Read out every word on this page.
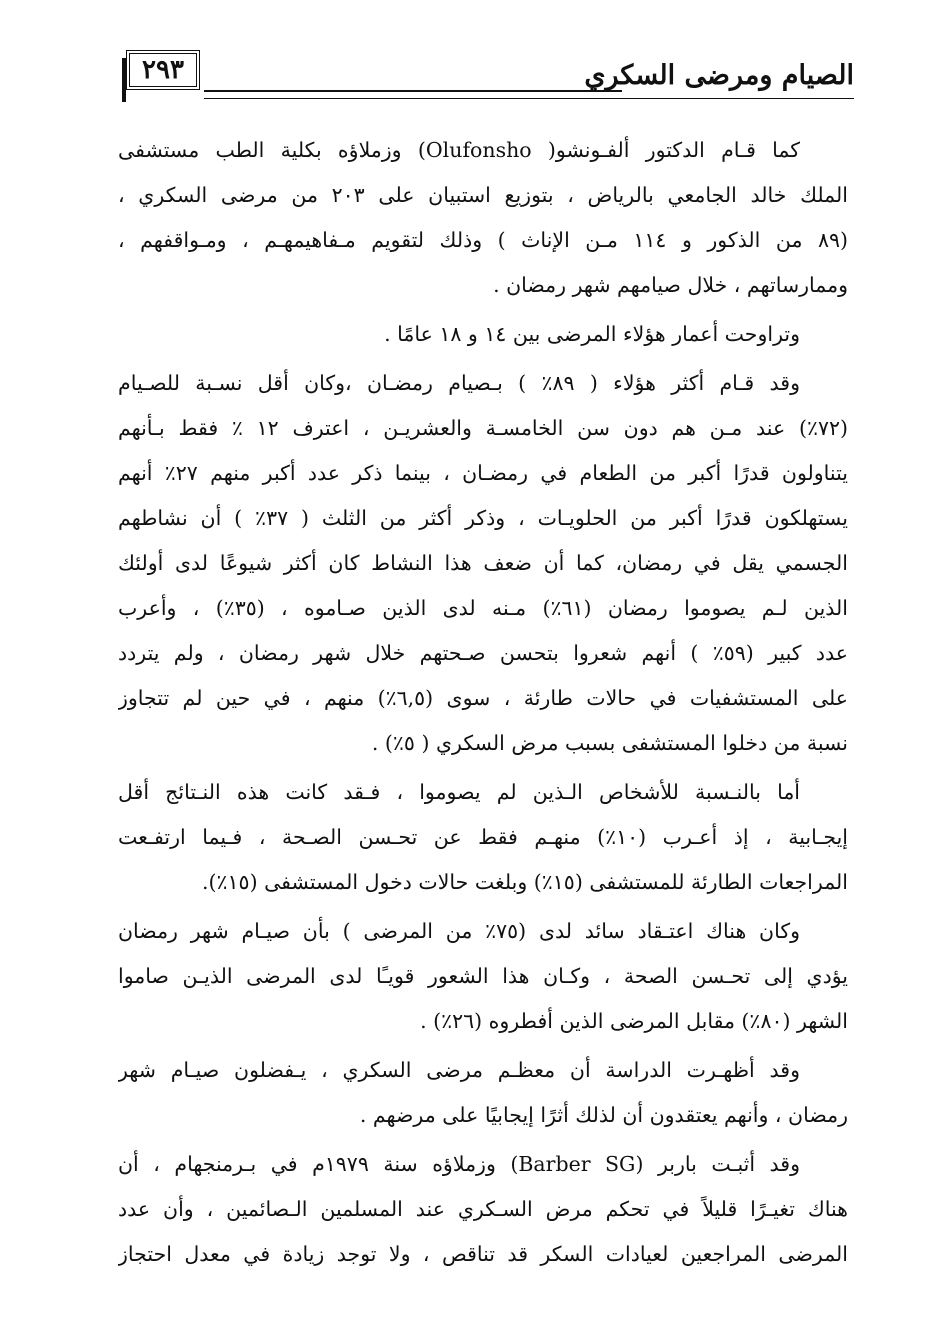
٢٩٣	الصيام ومرضى السكري
كما قـام الدكتور ألفـونشو( Olufonsho) وزملاؤه بكلية الطب مستشفى
الملك خالد الجامعي بالرياض ، بتوزيع استبيان على ٢٠٣ من مرضى السكري ،
(٨٩ من الذكور و ١١٤ مـن الإناث ) وذلك لتقويم مـفاهيمهـم ، ومـواقفهم ،
وممارساتهم ، خلال صيامهم شهر رمضان .
وتراوحت أعمار هؤلاء المرضى بين ١٤ و ١٨ عامًا .
وقد قـام أكثر هؤلاء ( ٨٩٪ ) بـصيام رمضـان ،وكان أقل نسـبة للصـيام
(٧٢٪) عند مـن هم دون سن الخامسـة والعشريـن ، اعترف ١٢ ٪ فقط بـأنهم
يتناولون قدرًا أكبر من الطعام في رمضـان ، بينما ذكر عدد أكبر منهم ٢٧٪ أنهم
يستهلكون قدرًا أكبر من الحلويـات ، وذكر أكثر من الثلث ( ٣٧٪ ) أن نشاطهم
الجسمي يقل في رمضان، كما أن ضعف هذا النشاط كان أكثر شيوعًا لدى أولئك
الذين لـم يصوموا رمضان (٦١٪) مـنه لدى الذين صـاموه ، (٣٥٪) ، وأعرب
عدد كبير (٥٩٪ ) أنهم شعروا بتحسن صـحتهم خلال شهر رمضان ، ولم يتردد
على المستشفيات في حالات طارئة ، سوى (٦,٥٪) منهم ، في حين لم تتجاوز
نسبة من دخلوا المستشفى بسبب مرض السكري ( ٥٪) .
أما بالنـسبة للأشخاص الـذين لم يصوموا ، فـقد كانت هذه النـتائج أقل
إيجـابية ، إذ أعـرب (١٠٪) منهـم فقط عن تحـسن الصـحة ، فـيما ارتفـعت
المراجعات الطارئة للمستشفى (١٥٪) وبلغت حالات دخول المستشفى (١٥٪).
وكان هناك اعتـقاد سائد لدى (٧٥٪ من المرضى ) بأن صيـام شهر رمضان
يؤدي إلى تحـسن الصحة ، وكـان هذا الشعور قويـًا لدى المرضى الذيـن صاموا
الشهر (٨٠٪) مقابل المرضى الذين أفطروه (٢٦٪) .
وقد أظهـرت الدراسة أن معظـم مرضى السكري ، يـفضلون صيـام شهر
رمضان ، وأنهم يعتقدون أن لذلك أثرًا إيجابيًا على مرضهم .
وقد أثبـت باربر (Barber SG) وزملاؤه سنة ١٩٧٩م في بـرمنجهام ، أن
هناك تغيـرًا قليلاً في تحكم مرض السـكري عند المسلمين الـصائمين ، وأن عدد
المرضى المراجعين لعيادات السكر قد تناقص ، ولا توجد زيادة في معدل احتجاز
